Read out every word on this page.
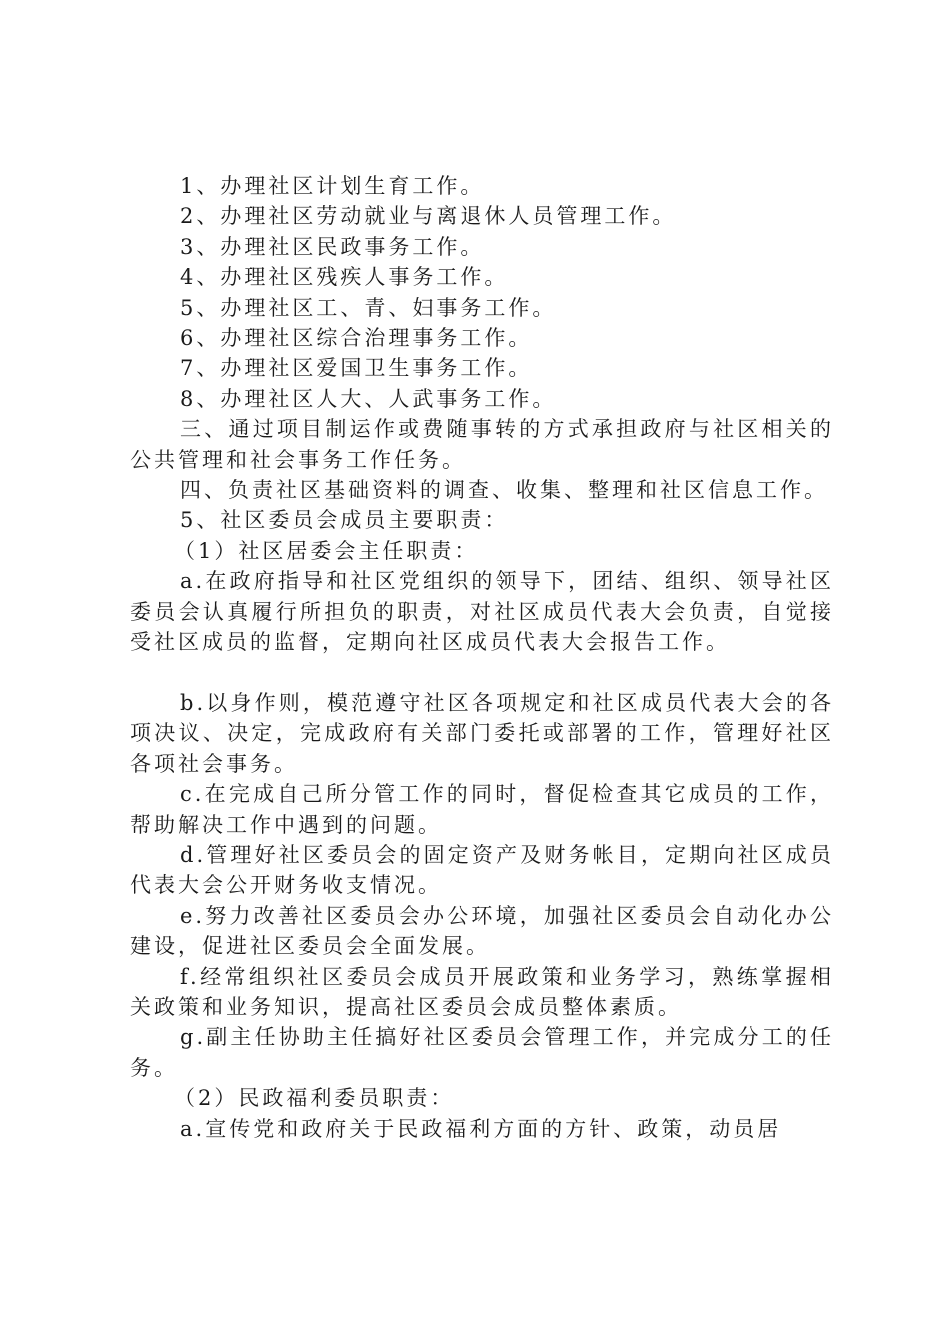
1、办理社区计划生育工作。

2、办理社区劳动就业与离退休人员管理工作。

3、办理社区民政事务工作。

4、办理社区残疾人事务工作。

5、办理社区工、青、妇事务工作。

6、办理社区综合治理事务工作。

7、办理社区爱国卫生事务工作。

8、办理社区人大、人武事务工作。

三、通过项目制运作或费随事转的方式承担政府与社区相关的公共管理和社会事务工作任务。

四、负责社区基础资料的调查、收集、整理和社区信息工作。

5、社区委员会成员主要职责：

（1）社区居委会主任职责：

a.在政府指导和社区党组织的领导下，团结、组织、领导社区委员会认真履行所担负的职责，对社区成员代表大会负责，自觉接受社区成员的监督，定期向社区成员代表大会报告工作。

b.以身作则，模范遵守社区各项规定和社区成员代表大会的各项决议、决定，完成政府有关部门委托或部署的工作，管理好社区各项社会事务。

c.在完成自己所分管工作的同时，督促检查其它成员的工作，帮助解决工作中遇到的问题。

d.管理好社区委员会的固定资产及财务帐目，定期向社区成员代表大会公开财务收支情况。

e.努力改善社区委员会办公环境，加强社区委员会自动化办公建设，促进社区委员会全面发展。

f.经常组织社区委员会成员开展政策和业务学习，熟练掌握相关政策和业务知识，提高社区委员会成员整体素质。

g.副主任协助主任搞好社区委员会管理工作，并完成分工的任务。

（2）民政福利委员职责：

a.宣传党和政府关于民政福利方面的方针、政策，动员居
